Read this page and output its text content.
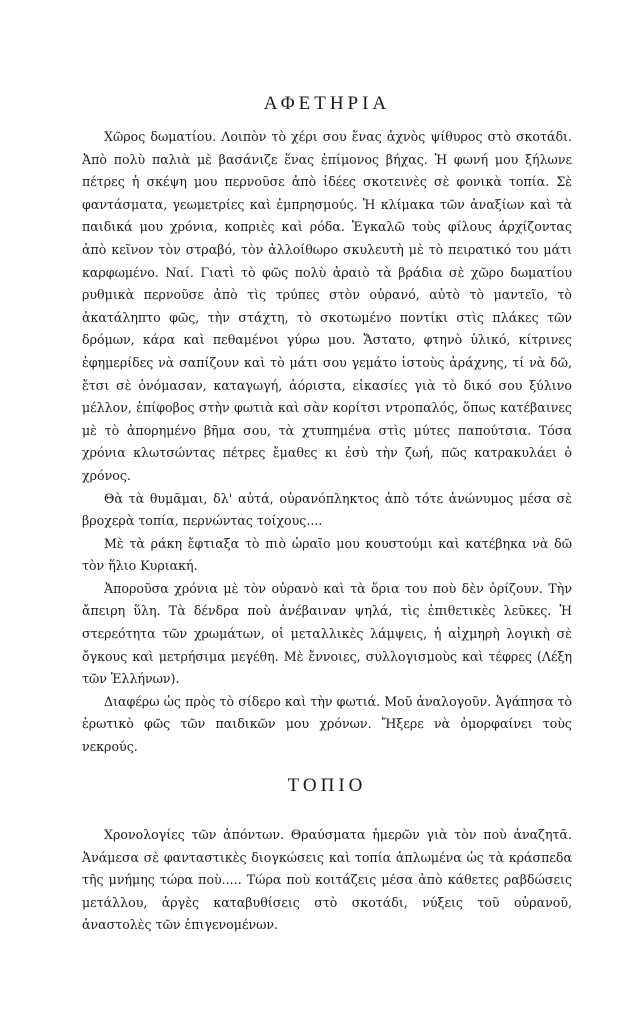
ΑΦΕΤΗΡΙΑ

Χῶρος δωματίου. Λοιπὸν τὸ χέρι σου ἕνας ἀχνὸς ψίθυρος στὸ σκοτάδι. Ἀπὸ πολὺ παλιὰ μὲ βασάνιζε ἕνας ἐπίμονος βήχας. Ἡ φωνή μου ξήλωνε πέτρες ἡ σκέψη μου περνοῦσε ἀπὸ ἰδέες σκοτεινὲς σὲ φονικὰ τοπία. Σὲ φαντάσματα, γεωμετρίες καὶ ἐμπρησμούς. Ἡ κλίμακα τῶν ἀναξίων καὶ τὰ παιδικά μου χρόνια, κοπριὲς καὶ ρόδα. Ἐγκαλῶ τοὺς φίλους ἀρχίζοντας ἀπὸ κεῖνον τὸν στραβό, τὸν ἀλλοίθωρο σκυλευτὴ μὲ τὸ πειρατικό του μάτι καρφωμένο. Ναί. Γιατὶ τὸ φῶς πολὺ ἀραιὸ τὰ βράδια σὲ χῶρο δωματίου ρυθμικὰ περνοῦσε ἀπὸ τὶς τρύπες στὸν οὐρανό, αὐτὸ τὸ μαντεῖο, τὸ ἀκατάληπτο φῶς, τὴν στάχτη, τὸ σκοτωμένο ποντίκι στὶς πλάκες τῶν δρόμων, κάρα καὶ πεθαμένοι γύρω μου. Ἄστατο, φτηνὸ ὑλικό, κίτρινες ἐφημερίδες νὰ σαπίζουν καὶ τὸ μάτι σου γεμάτο ἱστοὺς ἀράχνης, τί νὰ δῶ, ἔτσι σὲ ὀνόμασαν, καταγωγή, ἀόριστα, εἰκασίες γιὰ τὸ δικό σου ξύλινο μέλλον, ἐπίφοβος στὴν φωτιὰ καὶ σὰν κορίτσι ντροπαλός, ὅπως κατέβαινες μὲ τὸ ἀπορημένο βῆμα σου, τὰ χτυπημένα στὶς μύτες παπούτσια. Τόσα χρόνια κλωτσώντας πέτρες ἔμαθες κι ἐσὺ τὴν ζωή, πῶς κατρακυλάει ὁ χρόνος.

Θὰ τὰ θυμᾶμαι, δλ' αὐτά, οὐρανόπληκτος ἀπὸ τότε ἀνώνυμος μέσα σὲ βροχερὰ τοπία, περνώντας τοίχους....

Μὲ τὰ ράκη ἔφτιαξα τὸ πιὸ ὡραῖο μου κουστούμι καὶ κατέβηκα νὰ δῶ τὸν ἥλιο Κυριακή.

Ἀποροῦσα χρόνια μὲ τὸν οὐρανὸ καὶ τὰ ὅρια του ποὺ δὲν ὁρίζουν. Τὴν ἄπειρη ὕλη. Τὰ δένδρα ποὺ ἀνέβαιναν ψηλά, τὶς ἐπιθετικὲς λεῦκες. Ἡ στερεότητα τῶν χρωμάτων, οἱ μεταλλικὲς λάμψεις, ἡ αἰχμηρὴ λογικὴ σὲ ὄγκους καὶ μετρήσιμα μεγέθη. Μὲ ἔννοιες, συλλογισμοὺς καὶ τέφρες (Λέξη τῶν Ἑλλήνων).

Διαφέρω ὡς πρὸς τὸ σίδερο καὶ τὴν φωτιά. Μοῦ ἀναλογοῦν. Ἀγάπησα τὸ ἐρωτικὸ φῶς τῶν παιδικῶν μου χρόνων. Ἤξερε νὰ ὀμορφαίνει τοὺς νεκρούς.

ΤΟΠΙΟ

Χρονολογίες τῶν ἀπόντων. Θραύσματα ἡμερῶν γιὰ τὸν ποὺ ἀναζητᾶ. Ἀνάμεσα σὲ φανταστικὲς διογκώσεις καὶ τοπία ἁπλωμένα ὡς τὰ κράσπεδα τῆς μνήμης τώρα ποὺ..... Τώρα ποὺ κοιτάζεις μέσα ἀπὸ κάθετες ραβδώσεις μετάλλου, ἀργὲς καταβυθίσεις στὸ σκοτάδι, νύξεις τοῦ οὐρανοῦ, ἀναστολὲς τῶν ἐπιγενομένων.
